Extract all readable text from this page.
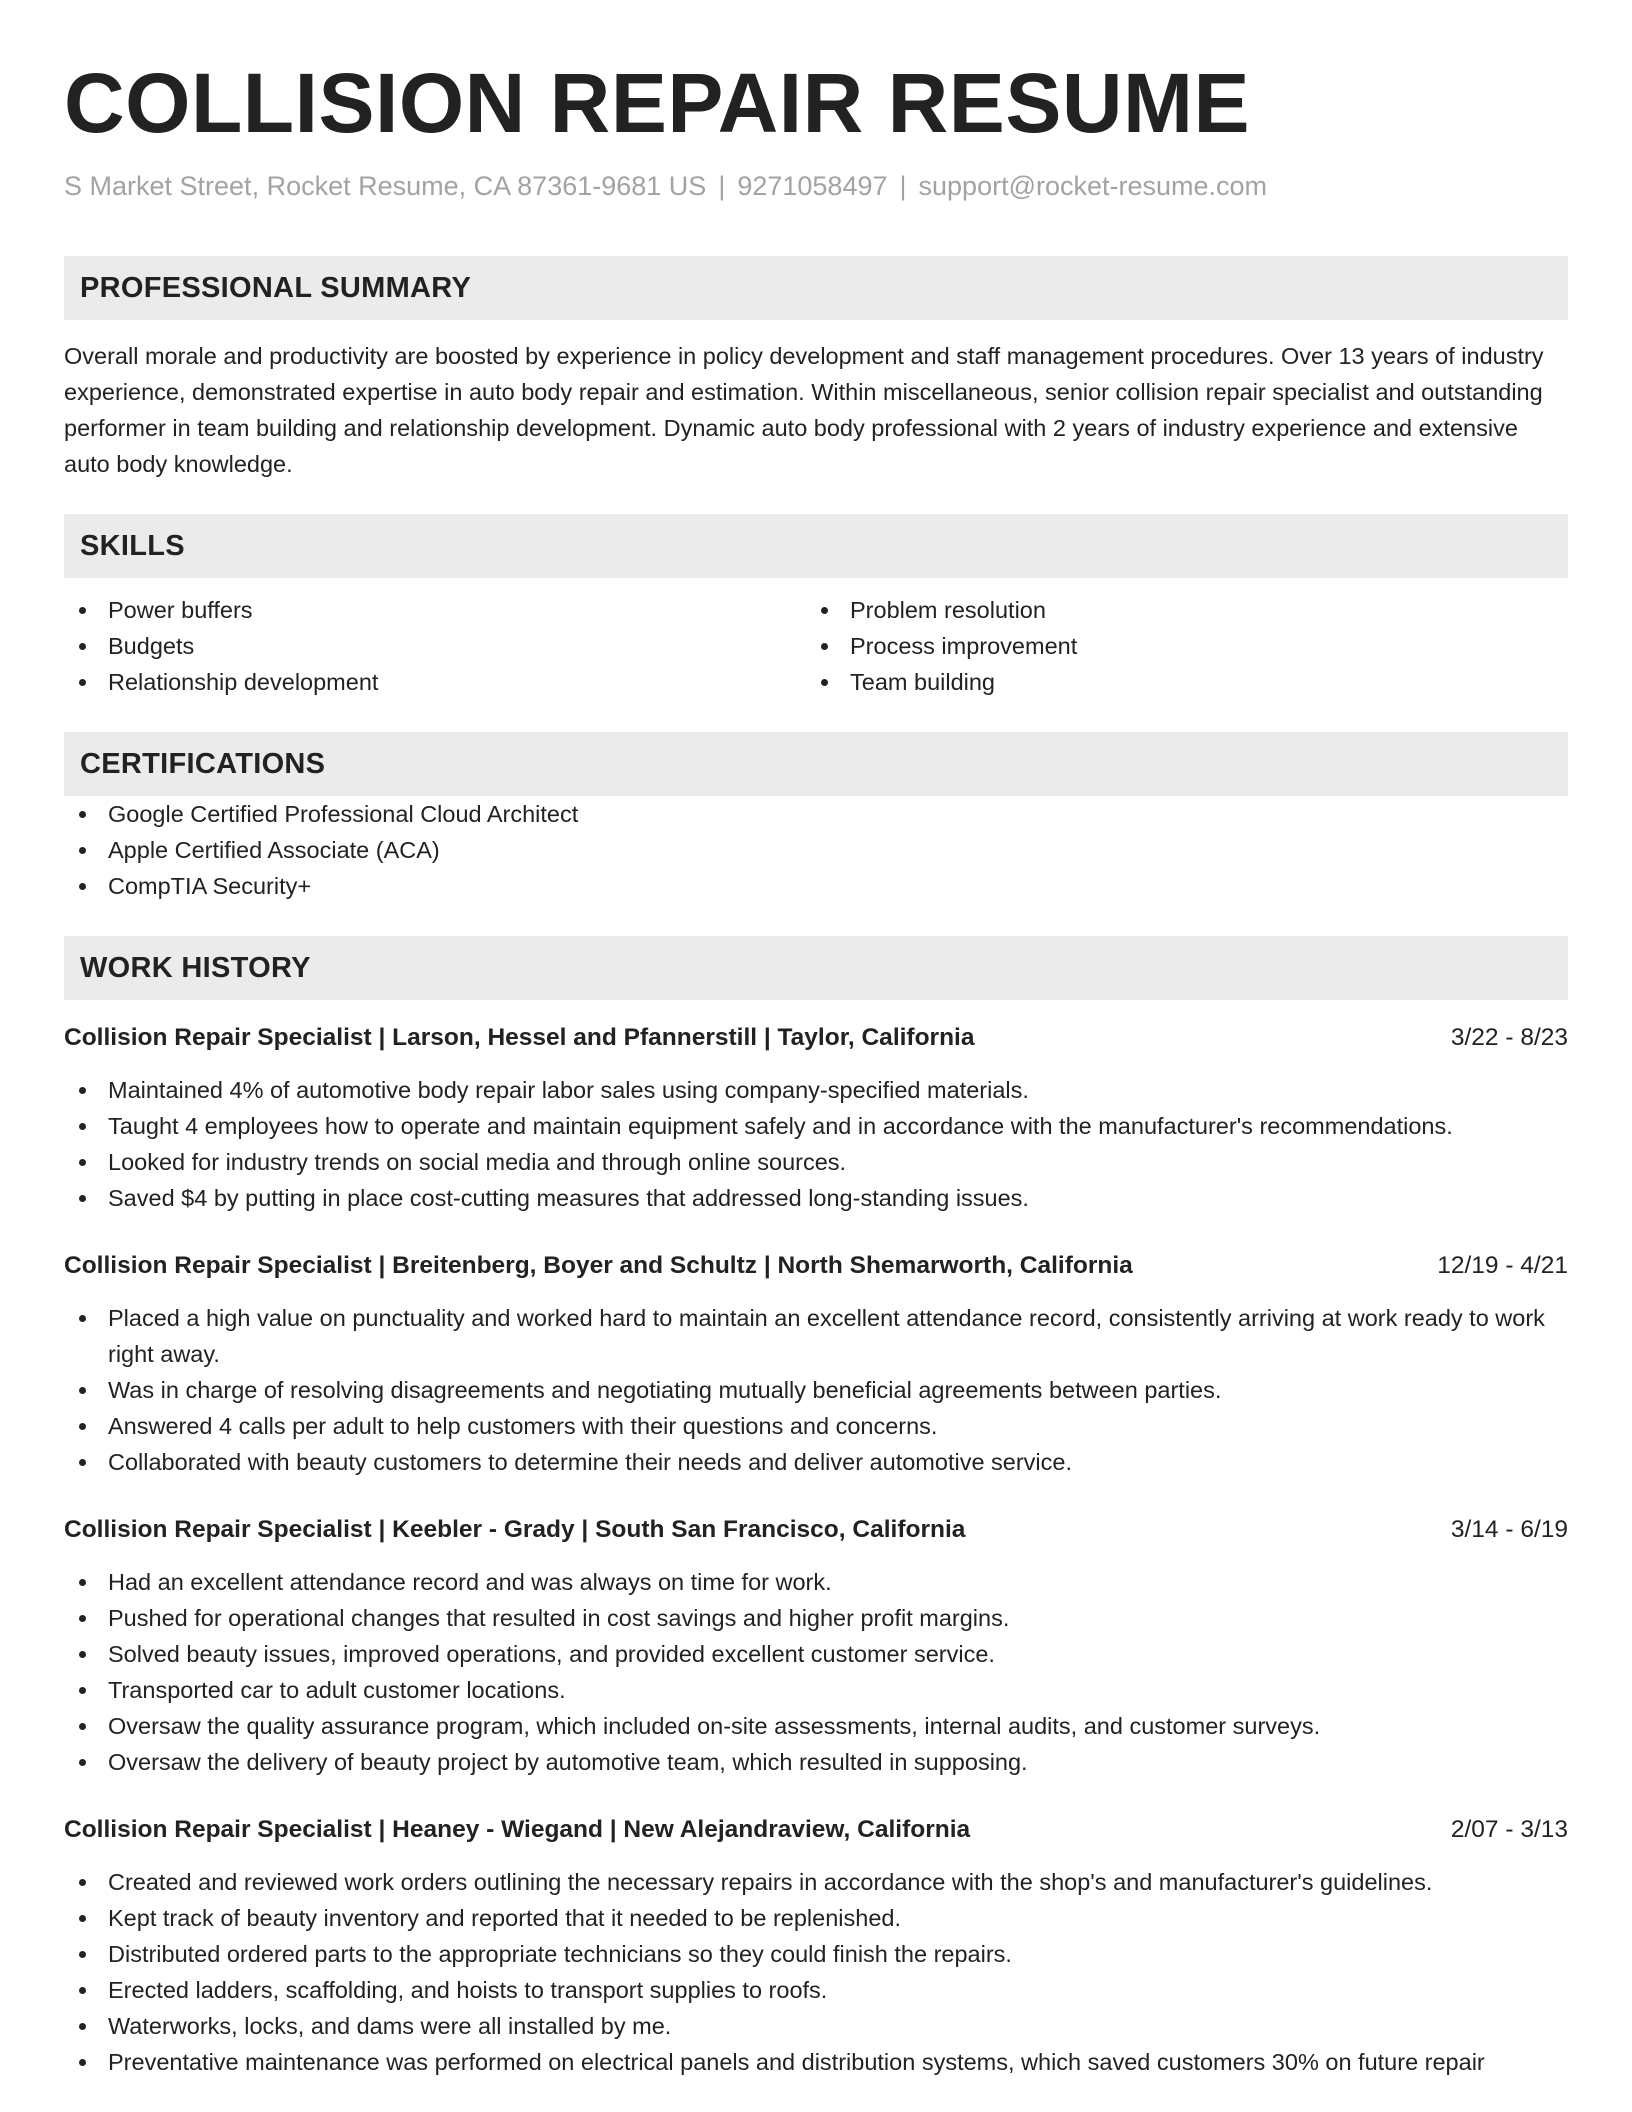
COLLISION REPAIR RESUME
S Market Street, Rocket Resume, CA 87361-9681 US | 9271058497 | support@rocket-resume.com
PROFESSIONAL SUMMARY

Overall morale and productivity are boosted by experience in policy development and staff management procedures. Over 13 years of industry experience, demonstrated expertise in auto body repair and estimation. Within miscellaneous, senior collision repair specialist and outstanding performer in team building and relationship development. Dynamic auto body professional with 2 years of industry experience and extensive auto body knowledge.

SKILLS
Power buffers
Budgets
Relationship development
Problem resolution
Process improvement
Team building
CERTIFICATIONS
Google Certified Professional Cloud Architect
Apple Certified Associate (ACA)
CompTIA Security+
WORK HISTORY
Collision Repair Specialist | Larson, Hessel and Pfannerstill | Taylor, California	3/22 - 8/23
Maintained 4% of automotive body repair labor sales using company-specified materials.
Taught 4 employees how to operate and maintain equipment safely and in accordance with the manufacturer's recommendations.
Looked for industry trends on social media and through online sources.
Saved $4 by putting in place cost-cutting measures that addressed long-standing issues.
Collision Repair Specialist | Breitenberg, Boyer and Schultz | North Shemarworth, California	12/19 - 4/21
Placed a high value on punctuality and worked hard to maintain an excellent attendance record, consistently arriving at work ready to work right away.
Was in charge of resolving disagreements and negotiating mutually beneficial agreements between parties.
Answered 4 calls per adult to help customers with their questions and concerns.
Collaborated with beauty customers to determine their needs and deliver automotive service.
Collision Repair Specialist | Keebler - Grady | South San Francisco, California	3/14 - 6/19
Had an excellent attendance record and was always on time for work.
Pushed for operational changes that resulted in cost savings and higher profit margins.
Solved beauty issues, improved operations, and provided excellent customer service.
Transported car to adult customer locations.
Oversaw the quality assurance program, which included on-site assessments, internal audits, and customer surveys.
Oversaw the delivery of beauty project by automotive team, which resulted in supposing.
Collision Repair Specialist | Heaney - Wiegand | New Alejandraview, California	2/07 - 3/13
Created and reviewed work orders outlining the necessary repairs in accordance with the shop's and manufacturer's guidelines.
Kept track of beauty inventory and reported that it needed to be replenished.
Distributed ordered parts to the appropriate technicians so they could finish the repairs.
Erected ladders, scaffolding, and hoists to transport supplies to roofs.
Waterworks, locks, and dams were all installed by me.
Preventative maintenance was performed on electrical panels and distribution systems, which saved customers 30% on future repair
